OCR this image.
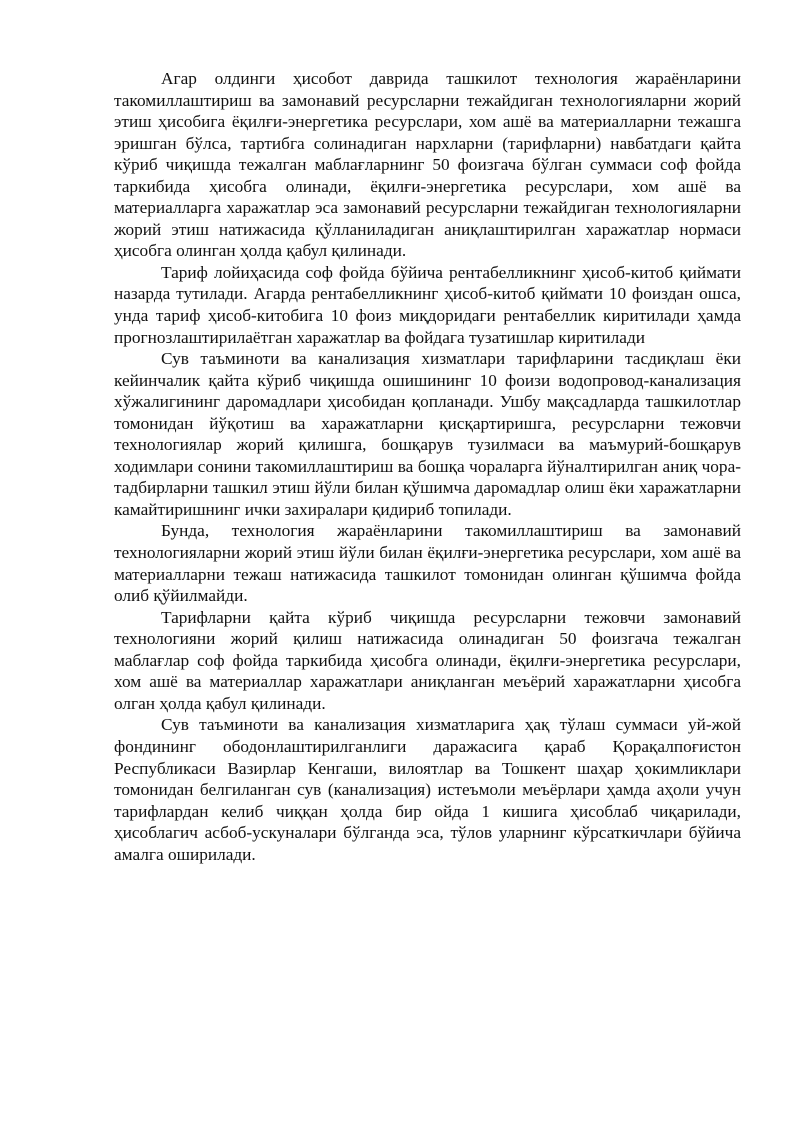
Агар олдинги ҳисобот даврида ташкилот технология жараёнларини такомиллаштириш ва замонавий ресурсларни тежайдиган технологияларни жорий этиш ҳисобига ёқилғи-энергетика ресурслари, хом ашё ва материалларни тежашга эришган бўлса, тартибга солинадиган нархларни (тарифларни) навбатдаги қайта кўриб чиқишда тежалган маблағларнинг 50 фоизгача бўлган суммаси соф фойда таркибида ҳисобга олинади, ёқилғи-энергетика ресурслари, хом ашё ва материалларга харажатлар эса замонавий ресурсларни тежайдиган технологияларни жорий этиш натижасида қўлланиладиган аниқлаштирилган харажатлар нормаси ҳисобга олинган ҳолда қабул қилинади.

Тариф лойиҳасида соф фойда бўйича рентабелликнинг ҳисоб-китоб қиймати назарда тутилади. Агарда рентабелликнинг ҳисоб-китоб қиймати 10 фоиздан ошса, унда тариф ҳисоб-китобига 10 фоиз миқдоридаги рентабеллик киритилади ҳамда прогнозлаштирилаётган харажатлар ва фойдага тузатишлар киритилади

Сув таъминоти ва канализация хизматлари тарифларини тасдиқлаш ёки кейинчалик қайта кўриб чиқишда ошишининг 10 фоизи водопровод-канализация хўжалигининг даромадлари ҳисобидан қопланади. Ушбу мақсадларда ташкилотлар томонидан йўқотиш ва харажатларни қисқартиришга, ресурсларни тежовчи технологиялар жорий қилишга, бошқарув тузилмаси ва маъмурий-бошқарув ходимлари сонини такомиллаштириш ва бошқа чораларга йўналтирилган аниқ чора-тадбирларни ташкил этиш йўли билан қўшимча даромадлар олиш ёки харажатларни камайтиришнинг ички захиралари қидириб топилади.

Бунда, технология жараёнларини такомиллаштириш ва замонавий технологияларни жорий этиш йўли билан ёқилғи-энергетика ресурслари, хом ашё ва материалларни тежаш натижасида ташкилот томонидан олинган қўшимча фойда олиб қўйилмайди.

Тарифларни қайта кўриб чиқишда ресурсларни тежовчи замонавий технологияни жорий қилиш натижасида олинадиган 50 фоизгача тежалган маблағлар соф фойда таркибида ҳисобга олинади, ёқилғи-энергетика ресурслари, хом ашё ва материаллар харажатлари аниқланган меъёрий харажатларни ҳисобга олган ҳолда қабул қилинади.

Сув таъминоти ва канализация хизматларига ҳақ тўлаш суммаси уй-жой фондининг ободонлаштирилганлиги даражасига қараб Қорақалпоғистон Республикаси Вазирлар Кенгаши, вилоятлар ва Тошкент шаҳар ҳокимликлари томонидан белгиланган сув (канализация) истеъмоли меъёрлари ҳамда аҳоли учун тарифлардан келиб чиққан ҳолда бир ойда 1 кишига ҳисоблаб чиқарилади, ҳисоблагич асбоб-ускуналари бўлганда эса, тўлов уларнинг кўрсаткичлари бўйича амалга оширилади.
